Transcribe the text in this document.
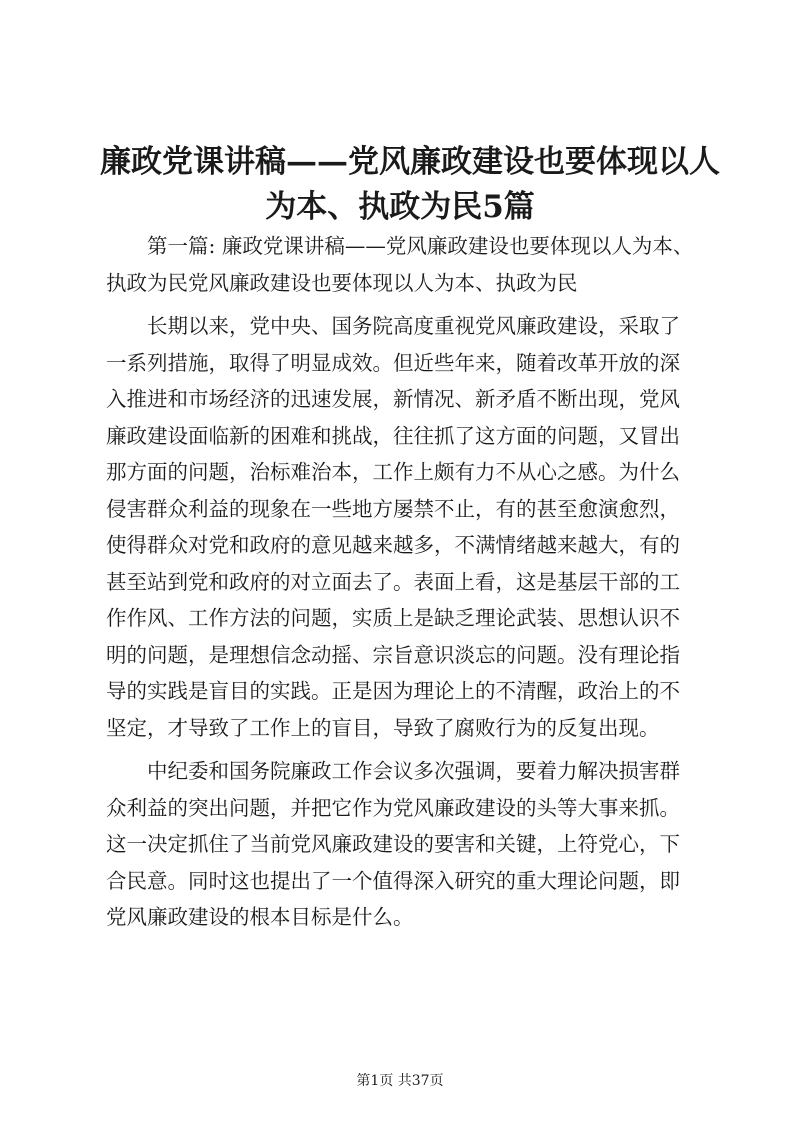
廉政党课讲稿——党风廉政建设也要体现以人
为本、执政为民5篇
第一篇: 廉政党课讲稿——党风廉政建设也要体现以人为本、
执政为民党风廉政建设也要体现以人为本、执政为民
长期以来，党中央、国务院高度重视党风廉政建设，采取了
一系列措施，取得了明显成效。但近些年来，随着改革开放的深
入推进和市场经济的迅速发展，新情况、新矛盾不断出现，党风
廉政建设面临新的困难和挑战，往往抓了这方面的问题，又冒出
那方面的问题，治标难治本，工作上颇有力不从心之感。为什么
侵害群众利益的现象在一些地方屡禁不止，有的甚至愈演愈烈，
使得群众对党和政府的意见越来越多，不满情绪越来越大，有的
甚至站到党和政府的对立面去了。表面上看，这是基层干部的工
作作风、工作方法的问题，实质上是缺乏理论武装、思想认识不
明的问题，是理想信念动摇、宗旨意识淡忘的问题。没有理论指
导的实践是盲目的实践。正是因为理论上的不清醒，政治上的不
坚定，才导致了工作上的盲目，导致了腐败行为的反复出现。
中纪委和国务院廉政工作会议多次强调，要着力解决损害群
众利益的突出问题，并把它作为党风廉政建设的头等大事来抓。
这一决定抓住了当前党风廉政建设的要害和关键，上符党心，下
合民意。同时这也提出了一个值得深入研究的重大理论问题，即
党风廉政建设的根本目标是什么。
第1页 共37页
